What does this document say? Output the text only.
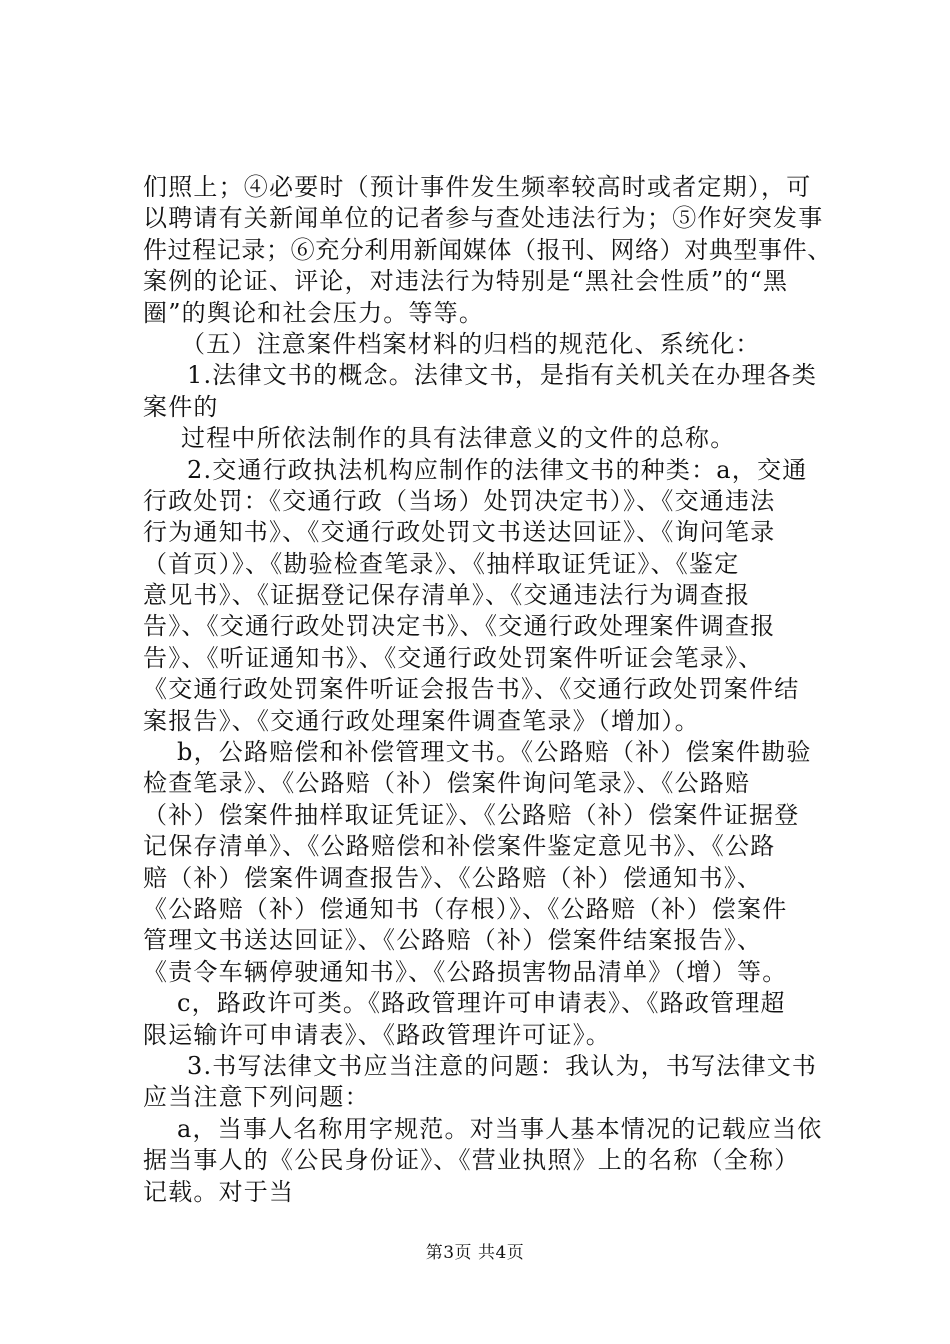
们照上；④必要时（预计事件发生频率较高时或者定期），可
以聘请有关新闻单位的记者参与查处违法行为；⑤作好突发事
件过程记录；⑥充分利用新闻媒体（报刊、网络）对典型事件、
案例的论证、评论，对违法行为特别是“黑社会性质”的“黑
圈”的舆论和社会压力。等等。
（五）注意案件档案材料的归档的规范化、系统化：
1.法律文书的概念。法律文书，是指有关机关在办理各类
案件的
过程中所依法制作的具有法律意义的文件的总称。
2.交通行政执法机构应制作的法律文书的种类：a，交通
行政处罚：《交通行政（当场）处罚决定书）》、《交通违法
行为通知书》、《交通行政处罚文书送达回证》、《询问笔录
（首页）》、《勘验检查笔录》、《抽样取证凭证》、《鉴定
意见书》、《证据登记保存清单》、《交通违法行为调查报
告》、《交通行政处罚决定书》、《交通行政处理案件调查报
告》、《听证通知书》、《交通行政处罚案件听证会笔录》、
《交通行政处罚案件听证会报告书》、《交通行政处罚案件结
案报告》、《交通行政处理案件调查笔录》（增加）。
b，公路赔偿和补偿管理文书。《公路赔（补）偿案件勘验
检查笔录》、《公路赔（补）偿案件询问笔录》、《公路赔
（补）偿案件抽样取证凭证》、《公路赔（补）偿案件证据登
记保存清单》、《公路赔偿和补偿案件鉴定意见书》、《公路
赔（补）偿案件调查报告》、《公路赔（补）偿通知书》、
《公路赔（补）偿通知书（存根）》、《公路赔（补）偿案件
管理文书送达回证》、《公路赔（补）偿案件结案报告》、
《责令车辆停驶通知书》、《公路损害物品清单》（增）等。
c，路政许可类。《路政管理许可申请表》、《路政管理超
限运输许可申请表》、《路政管理许可证》。
3.书写法律文书应当注意的问题：我认为，书写法律文书
应当注意下列问题：
a，当事人名称用字规范。对当事人基本情况的记载应当依
据当事人的《公民身份证》、《营业执照》上的名称（全称）
记载。对于当
第3页 共4页
